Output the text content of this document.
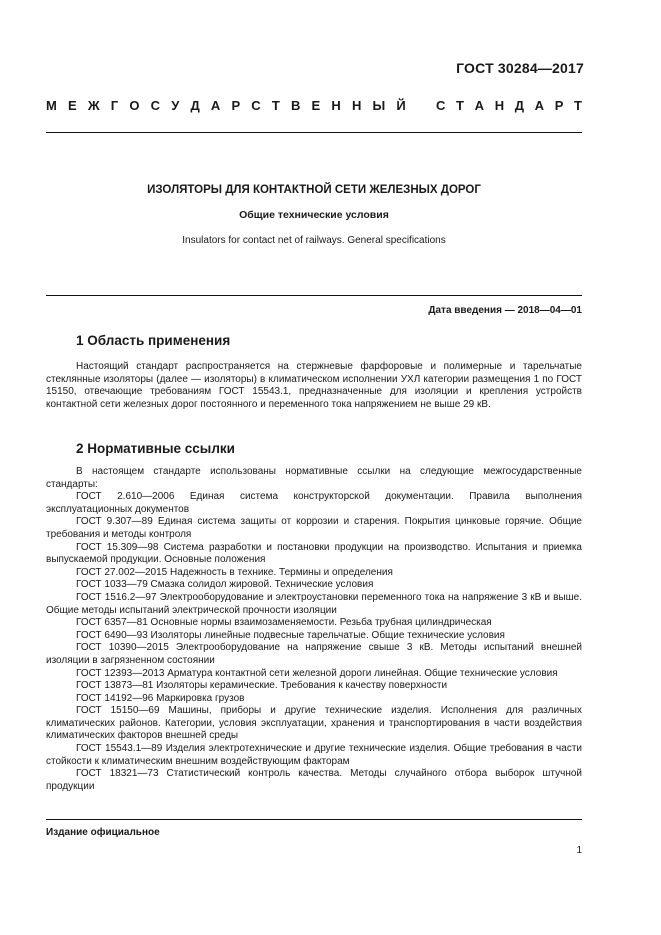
ГОСТ 30284—2017
М Е Ж Г О С У Д А Р С Т В Е Н Н Ы Й С Т А Н Д А Р Т
ИЗОЛЯТОРЫ ДЛЯ КОНТАКТНОЙ СЕТИ ЖЕЛЕЗНЫХ ДОРОГ
Общие технические условия
Insulators for contact net of railways. General specifications
Дата введения — 2018—04—01
1 Область применения

Настоящий стандарт распространяется на стержневые фарфоровые и полимерные и тарельчатые стеклянные изоляторы (далее — изоляторы) в климатическом исполнении УХЛ категории размещения 1 по ГОСТ 15150, отвечающие требованиям ГОСТ 15543.1, предназначенные для изоляции и крепления устройств контактной сети железных дорог постоянного и переменного тока напряжением не выше 29 кВ.

2 Нормативные ссылки

В настоящем стандарте использованы нормативные ссылки на следующие межгосударственные стандарты:

ГОСТ 2.610—2006 Единая система конструкторской документации. Правила выполнения эксплуатационных документов

ГОСТ 9.307—89 Единая система защиты от коррозии и старения. Покрытия цинковые горячие. Общие требования и методы контроля

ГОСТ 15.309—98 Система разработки и постановки продукции на производство. Испытания и приемка выпускаемой продукции. Основные положения

ГОСТ 27.002—2015 Надежность в технике. Термины и определения

ГОСТ 1033—79 Смазка солидол жировой. Технические условия

ГОСТ 1516.2—97 Электрооборудование и электроустановки переменного тока на напряжение 3 кВ и выше. Общие методы испытаний электрической прочности изоляции

ГОСТ 6357—81 Основные нормы взаимозаменяемости. Резьба трубная цилиндрическая

ГОСТ 6490—93 Изоляторы линейные подвесные тарельчатые. Общие технические условия

ГОСТ 10390—2015 Электрооборудование на напряжение свыше 3 кВ. Методы испытаний внешней изоляции в загрязненном состоянии

ГОСТ 12393—2013 Арматура контактной сети железной дороги линейная. Общие технические условия

ГОСТ 13873—81 Изоляторы керамические. Требования к качеству поверхности

ГОСТ 14192—96 Маркировка грузов

ГОСТ 15150—69 Машины, приборы и другие технические изделия. Исполнения для различных климатических районов. Категории, условия эксплуатации, хранения и транспортирования в части воздействия климатических факторов внешней среды

ГОСТ 15543.1—89 Изделия электротехнические и другие технические изделия. Общие требования в части стойкости к климатическим внешним воздействующим факторам

ГОСТ 18321—73 Статистический контроль качества. Методы случайного отбора выборок штучной продукции

Издание официальное
1
